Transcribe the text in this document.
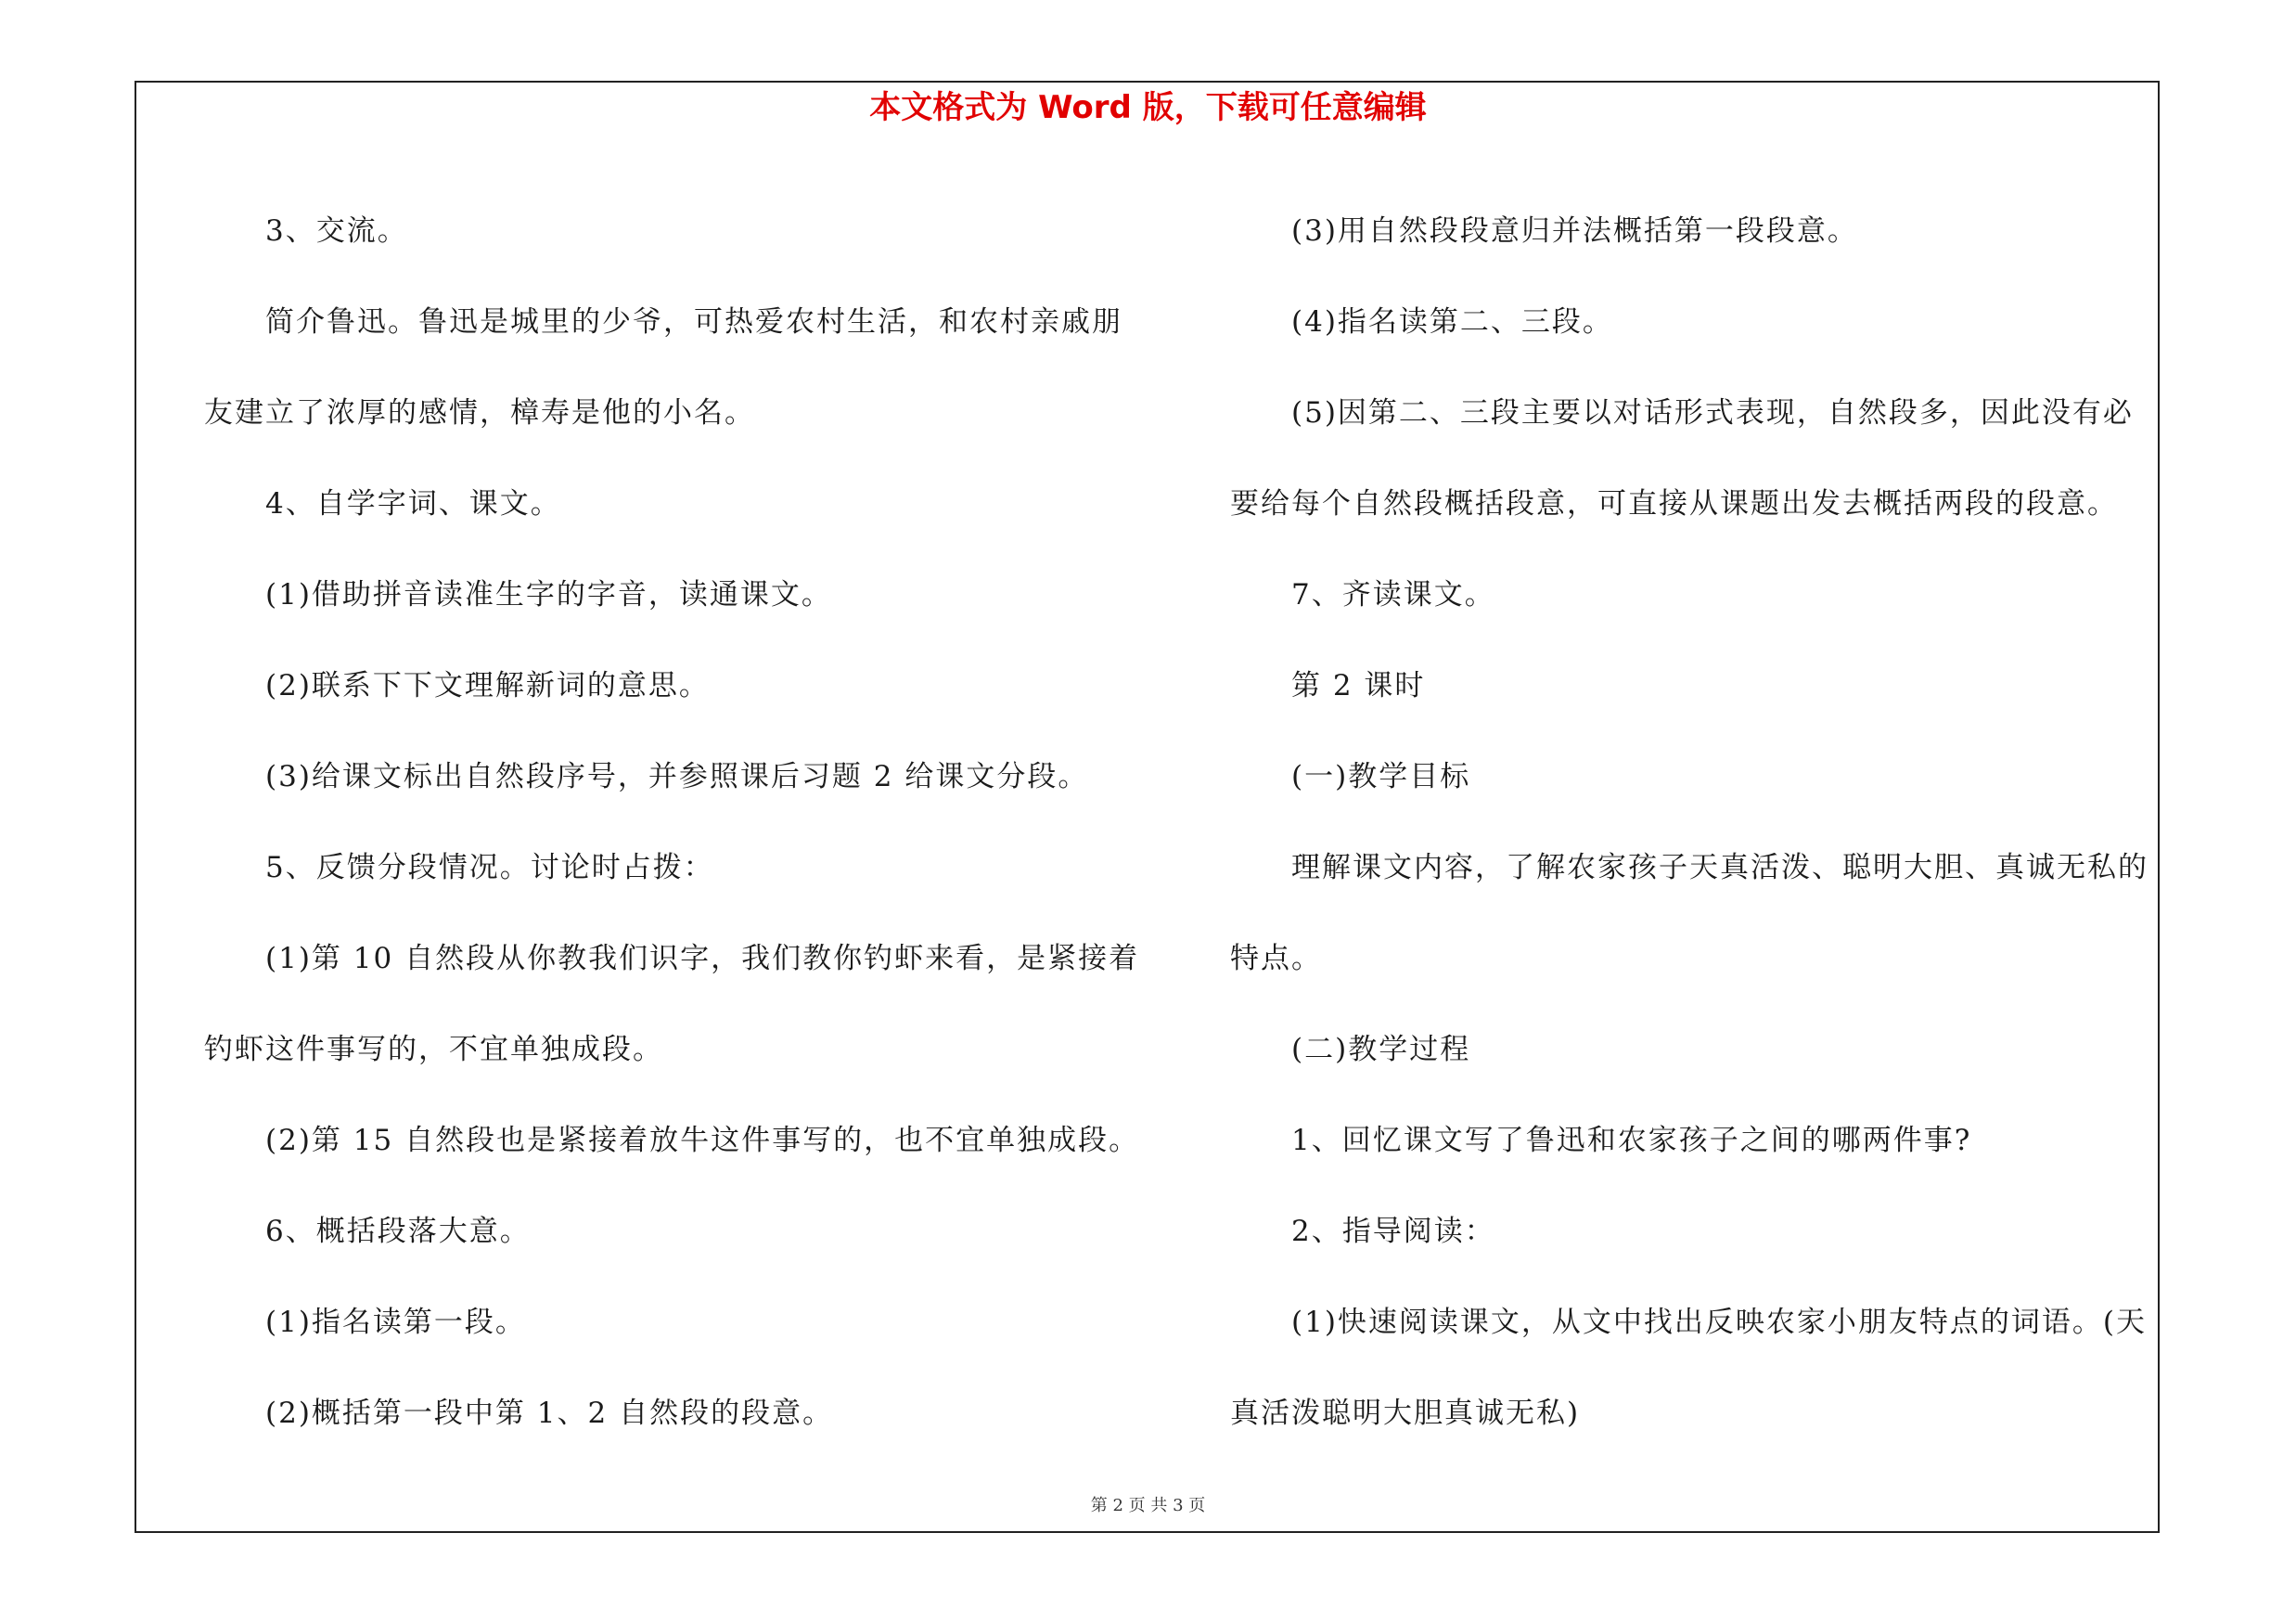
本文格式为 Word 版，下载可任意编辑

3、交流。

简介鲁迅。鲁迅是城里的少爷，可热爱农村生活，和农村亲戚朋

友建立了浓厚的感情，樟寿是他的小名。

4、自学字词、课文。

(1)借助拼音读准生字的字音，读通课文。

(2)联系下下文理解新词的意思。

(3)给课文标出自然段序号，并参照课后习题 2 给课文分段。

5、反馈分段情况。讨论时占拨：

(1)第 10 自然段从你教我们识字，我们教你钓虾来看，是紧接着

钓虾这件事写的，不宜单独成段。

(2)第 15 自然段也是紧接着放牛这件事写的，也不宜单独成段。

6、概括段落大意。

(1)指名读第一段。

(2)概括第一段中第 1、2 自然段的段意。

(3)用自然段段意归并法概括第一段段意。

(4)指名读第二、三段。

(5)因第二、三段主要以对话形式表现，自然段多，因此没有必

要给每个自然段概括段意，可直接从课题出发去概括两段的段意。

7、齐读课文。

第 2 课时

(一)教学目标

理解课文内容，了解农家孩子天真活泼、聪明大胆、真诚无私的

特点。

(二)教学过程

1、回忆课文写了鲁迅和农家孩子之间的哪两件事?

2、指导阅读：

(1)快速阅读课文，从文中找出反映农家小朋友特点的词语。(天

真活泼聪明大胆真诚无私)

第 2 页 共 3 页
